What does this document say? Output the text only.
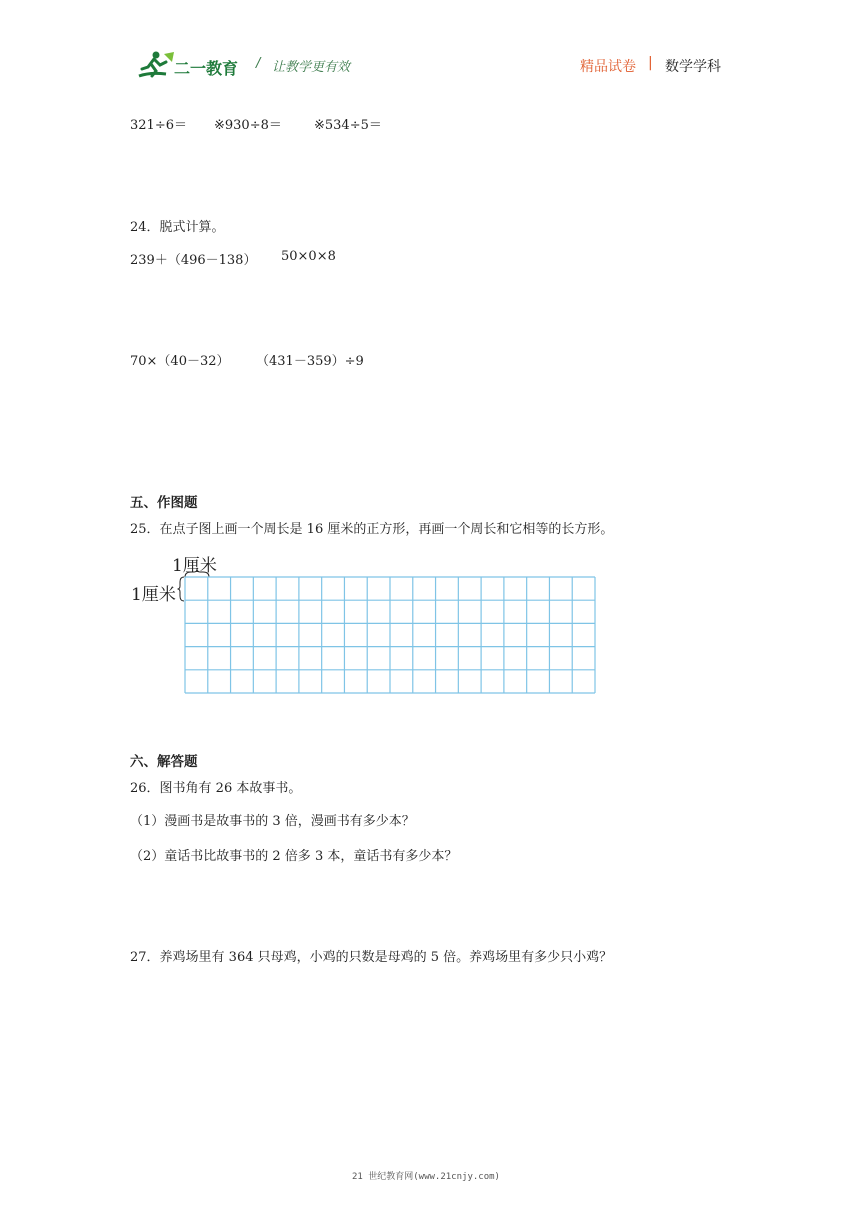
二一教育 / 让教学更有效	精品试卷 | 数学学科
321÷6＝ ※930÷8＝ ※534÷5＝
24．脱式计算。
239＋（496－138） 50×0×8
70×（40－32） （431－359）÷9
五、作图题
25．在点子图上画一个周长是 16 厘米的正方形，再画一个周长和它相等的长方形。
1厘米
1厘米
六、解答题
26．图书角有 26 本故事书。
（1）漫画书是故事书的 3 倍，漫画书有多少本？
（2）童话书比故事书的 2 倍多 3 本，童话书有多少本？
27．养鸡场里有 364 只母鸡，小鸡的只数是母鸡的 5 倍。养鸡场里有多少只小鸡？
21 世纪教育网(www.21cnjy.com)
